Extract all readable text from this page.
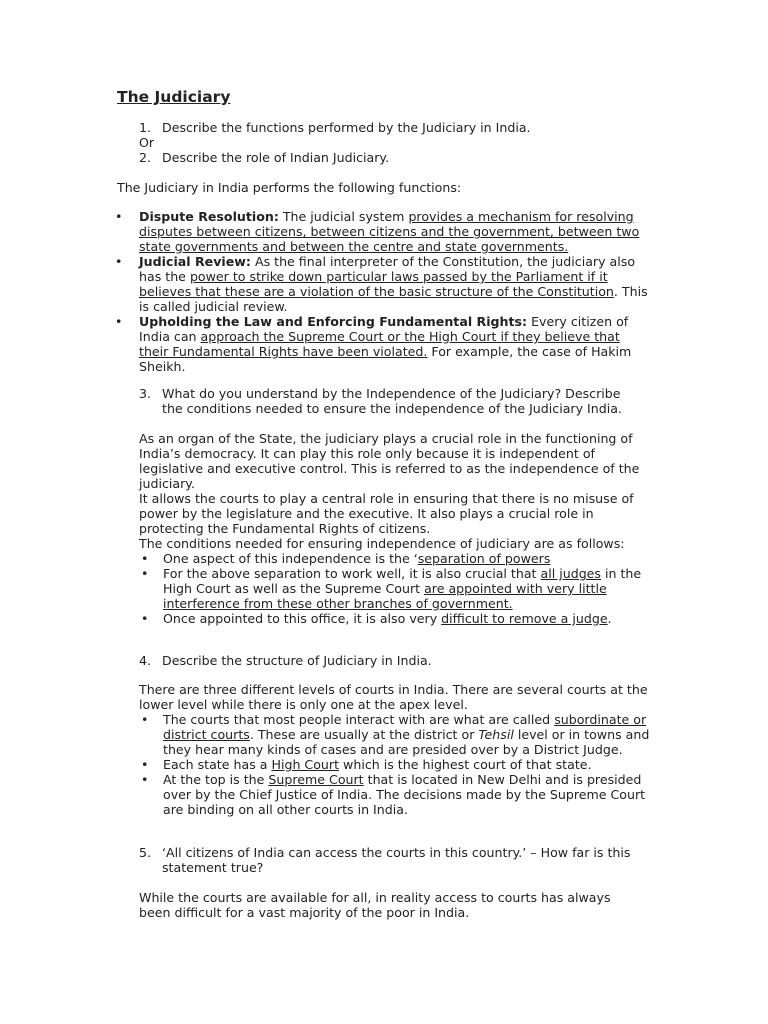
The Judiciary
1. Describe the functions performed by the Judiciary in India.
Or
2. Describe the role of Indian Judiciary.
The Judiciary in India performs the following functions:
• Dispute Resolution: The judicial system provides a mechanism for resolving disputes between citizens, between citizens and the government, between two state governments and between the centre and state governments.
• Judicial Review: As the final interpreter of the Constitution, the judiciary also has the power to strike down particular laws passed by the Parliament if it believes that these are a violation of the basic structure of the Constitution. This is called judicial review.
• Upholding the Law and Enforcing Fundamental Rights: Every citizen of India can approach the Supreme Court or the High Court if they believe that their Fundamental Rights have been violated. For example, the case of Hakim Sheikh.
3. What do you understand by the Independence of the Judiciary? Describe the conditions needed to ensure the independence of the Judiciary India.

As an organ of the State, the judiciary plays a crucial role in the functioning of India’s democracy. It can play this role only because it is independent of legislative and executive control. This is referred to as the independence of the judiciary.

It allows the courts to play a central role in ensuring that there is no misuse of power by the legislature and the executive. It also plays a crucial role in protecting the Fundamental Rights of citizens.

The conditions needed for ensuring independence of judiciary are as follows:

• One aspect of this independence is the ‘separation of powers
• For the above separation to work well, it is also crucial that all judges in the High Court as well as the Supreme Court are appointed with very little interference from these other branches of government.
• Once appointed to this office, it is also very difficult to remove a judge.
4. Describe the structure of Judiciary in India.

There are three different levels of courts in India. There are several courts at the lower level while there is only one at the apex level.

• The courts that most people interact with are what are called subordinate or district courts. These are usually at the district or Tehsil level or in towns and they hear many kinds of cases and are presided over by a District Judge.
• Each state has a High Court which is the highest court of that state.
• At the top is the Supreme Court that is located in New Delhi and is presided over by the Chief Justice of India. The decisions made by the Supreme Court are binding on all other courts in India.
5. ‘All citizens of India can access the courts in this country.’ – How far is this statement true?

While the courts are available for all, in reality access to courts has always been difficult for a vast majority of the poor in India.
